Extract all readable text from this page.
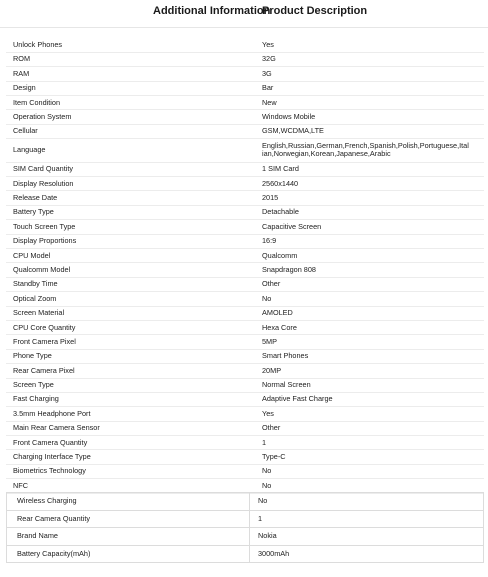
Additional Information
Product Description
Unlock Phones	Yes
ROM	32G
RAM	3G
Design	Bar
Item Condition	New
Operation System	Windows Mobile
Cellular	GSM,WCDMA,LTE
Language	English,Russian,German,French,Spanish,Polish,Portuguese,Italian,Norwegian,Korean,Japanese,Arabic
SIM Card Quantity	1 SIM Card
Display Resolution	2560x1440
Release Date	2015
Battery Type	Detachable
Touch Screen Type	Capacitive Screen
Display Proportions	16:9
CPU Model	Qualcomm
Qualcomm Model	Snapdragon 808
Standby Time	Other
Optical Zoom	No
Screen Material	AMOLED
CPU Core Quantity	Hexa Core
Front Camera Pixel	5MP
Phone Type	Smart Phones
Rear Camera Pixel	20MP
Screen Type	Normal Screen
Fast Charging	Adaptive Fast Charge
3.5mm Headphone Port	Yes
Main Rear Camera Sensor	Other
Front Camera Quantity	1
Charging Interface Type	Type-C
Biometrics Technology	No
NFC	No
Wireless Charging	No
Rear Camera Quantity	1
Brand Name	Nokia
Battery Capacity(mAh)	3000mAh
